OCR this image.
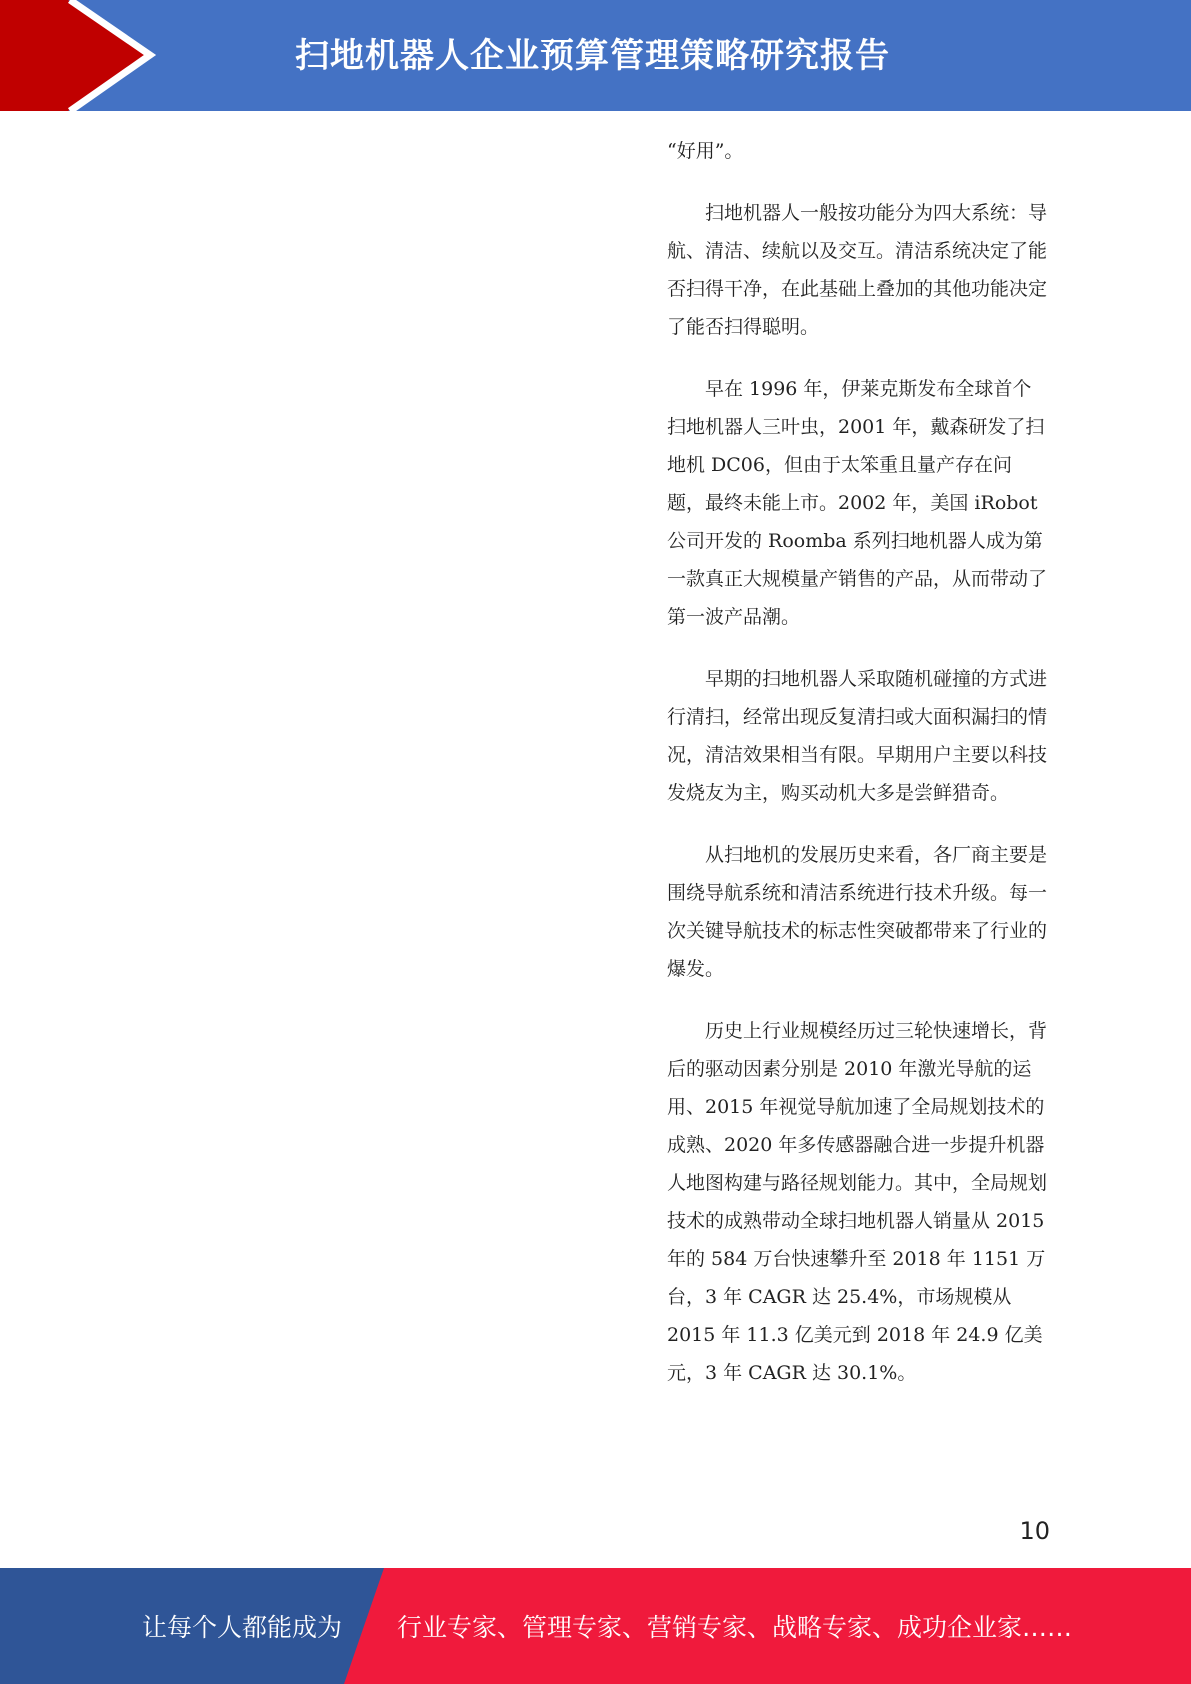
扫地机器人企业预算管理策略研究报告

“好用”。

扫地机器人一般按功能分为四大系统：导航、清洁、续航以及交互。清洁系统决定了能否扫得干净，在此基础上叠加的其他功能决定了能否扫得聪明。

早在 1996 年，伊莱克斯发布全球首个扫地机器人三叶虫，2001 年，戴森研发了扫地机 DC06，但由于太笨重且量产存在问题，最终未能上市。2002 年，美国 iRobot 公司开发的 Roomba 系列扫地机器人成为第一款真正大规模量产销售的产品，从而带动了第一波产品潮。

早期的扫地机器人采取随机碰撞的方式进行清扫，经常出现反复清扫或大面积漏扫的情况，清洁效果相当有限。早期用户主要以科技发烧友为主，购买动机大多是尝鲜猎奇。

从扫地机的发展历史来看，各厂商主要是围绕导航系统和清洁系统进行技术升级。每一次关键导航技术的标志性突破都带来了行业的爆发。

历史上行业规模经历过三轮快速增长，背后的驱动因素分别是 2010 年激光导航的运用、2015 年视觉导航加速了全局规划技术的成熟、2020 年多传感器融合进一步提升机器人地图构建与路径规划能力。其中，全局规划技术的成熟带动全球扫地机器人销量从 2015 年的 584 万台快速攀升至 2018 年 1151 万台，3 年 CAGR 达 25.4%，市场规模从 2015 年 11.3 亿美元到 2018 年 24.9 亿美元，3 年 CAGR 达 30.1%。

10
让每个人都能成为 行业专家、管理专家、营销专家、战略专家、成功企业家……
